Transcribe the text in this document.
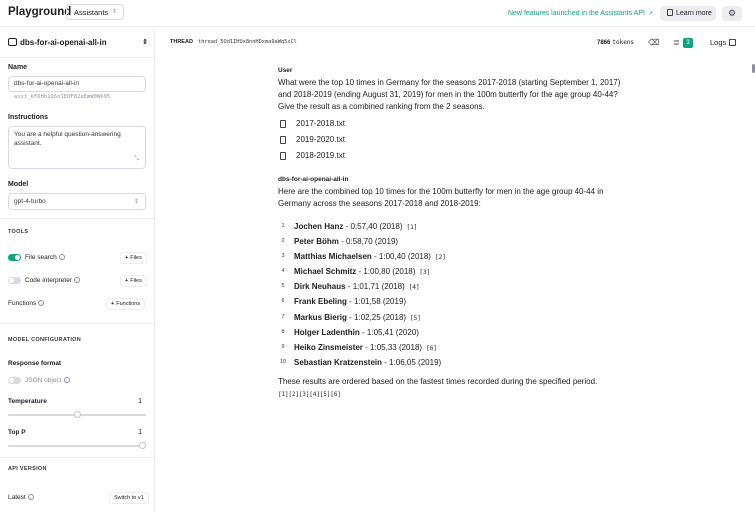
Playground Assistants ⇕	New features launched in the Assistants API ↗	Learn more	⚙
dbs-for-ai-openai-all-in	⇕
Name
dbs-for-ai-openai-all-in
asst_kFXHb1D6o1EOF82eEmW0W695
Instructions
You are a helpful question-answering assistant.
⤡
Model
gpt-4-turbo	⇕
TOOLS
File search i	+ Files
Code interpreter i	+ Files
Functions i	+ Functions
MODEL CONFIGURATION
Response format
JSON object i
Temperature	1
Top P	1
API VERSION
Latest i	Switch to v1
THREAD thread_5Od1IHUx8nnHDxma9aWq5xCl	7866 tokens ⌫ ≣	3	Logs
User
What were the top 10 times in Germany for the seasons 2017-2018 (starting September 1, 2017) and 2018-2019 (ending August 31, 2019) for men in the 100m butterfly for the age group 40-44? Give the result as a combined ranking from the 2 seasons.
2017-2018.txt
2019-2020.txt
2018-2019.txt
dbs-for-ai-openai-all-in
Here are the combined top 10 times for the 100m butterfly for men in the age group 40-44 in Germany across the seasons 2017-2018 and 2018-2019:
1	Jochen Hanz - 0:57,40 (2018) [1]
2	Peter Böhm - 0:58,70 (2019)
3	Matthias Michaelsen - 1:00,40 (2018) [2]
4	Michael Schmitz - 1:00,80 (2018) [3]
5	Dirk Neuhaus - 1:01,71 (2018) [4]
6	Frank Ebeling - 1:01,58 (2019)
7	Markus Bierig - 1:02,25 (2018) [5]
8	Holger Ladenthin - 1:05,41 (2020)
9	Heiko Zinsmeister - 1:05,33 (2018) [6]
10 Sebastian Kratzenstein - 1:06,05 (2019)
These results are ordered based on the fastest times recorded during the specified period.
[1][2][3][4][5][6]
